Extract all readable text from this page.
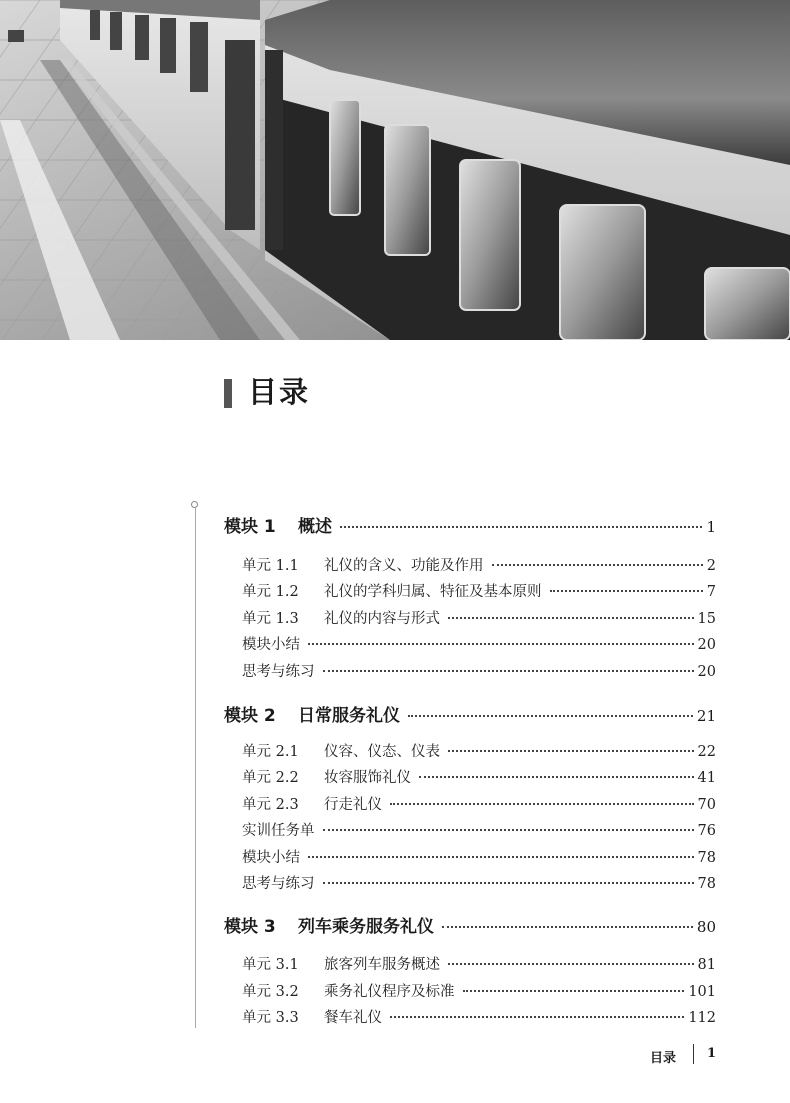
目录
模块 1	概述	1
单元 1.1	礼仪的含义、功能及作用	2
单元 1.2	礼仪的学科归属、特征及基本原则	7
单元 1.3	礼仪的内容与形式	15
模块小结	20
思考与练习	20
模块 2	日常服务礼仪	21
单元 2.1	仪容、仪态、仪表	22
单元 2.2	妆容服饰礼仪	41
单元 2.3	行走礼仪	70
实训任务单	76
模块小结	78
思考与练习	78
模块 3	列车乘务服务礼仪	80
单元 3.1	旅客列车服务概述	81
单元 3.2	乘务礼仪程序及标准	101
单元 3.3	餐车礼仪	112
目录 1
